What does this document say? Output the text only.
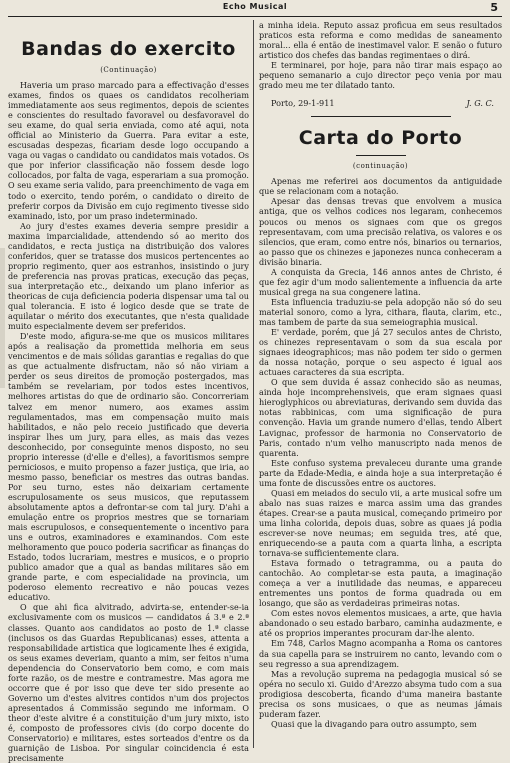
Echo Musical	5
Bandas do exercito
(Continuação)

Haveria um praso marcado para a effectivação d'esses exames, findos os quaes os candidatos recolheriam immediatamente aos seus regimentos, depois de scientes e conscientes do resultado favoravel ou desfavoravel do seu exame, do qual seria enviada, como até aqui, nota official ao Ministerio da Guerra. Para evitar a este, escusadas despezas, ficariam desde logo occupando a vaga ou vagas o candidato ou candidatos mais votados. Os que por inferior classificação não fossem desde logo collocados, por falta de vaga, esperariam a sua promoção. O seu exame seria valido, para preenchimento de vaga em todo o exercito, tendo porém, o candidato o direito de preferir corpos da Divisão em cujo regimento tivesse sido examinado, isto, por um praso indeterminado.

Ao jury d'estes exames deveria sempre presidir a maxima imparcialidade, attendendo só ao merito dos candidatos, e recta justiça na distribuição dos valores conferidos, quer se tratasse dos musicos pertencentes ao proprio regimento, quer aos estranhos, insistindo o jury de preferencia nas provas praticas, execução das peças, sua interpretação etc., deixando um plano inferior as theoricas de cuja deficiencia poderia dispensar uma tal ou qual tolerancia. E isto é logico desde que se trate de aquilatar o mérito dos executantes, que n'esta qualidade muito especialmente devem ser preferidos.

D'este modo, afigura-se-me que os musicos militares após a realisação da promettida melhoria em seus vencimentos e de mais sólidas garantias e regalias do que as que actualmente disfructam, não só não viriam a perder os seus direitos de promoção postergados, mas também se revelariam, por todos estes incentivos, melhores artistas do que de ordinario são. Concorreriam talvez em menor numero, aos exames assim regulamentados, mas em compensação muito mais habilitados, e não pelo receio justificado que deveria inspirar lhes um jury, para elles, as mais das vezes desconhecido, por conseguinte menos disposto, no seu proprio interesse (d'elle e d'elles), a favoritismos sempre perniciosos, e muito propenso a fazer justiça, que iria, ao mesmo passo, beneficiar os mestres das outras bandas. Por seu turno, estes não deixariam certamente escrupulosamente os seus musicos, que reputassem absolutamente aptos a defrontar-se com tal jury. D'ahi a emulação entre os proprios mestres que se tornariam mais escrupulosos, e consequentemente o incentivo para uns e outros, examinadores e examinandos. Com este melhoramento que pouco poderia sacrificar as finanças do Estado, todos lucrariam, mestres e musicos, e o proprio publico amador que a qual as bandas militares são em grande parte, e com especialidade na provincia, um poderoso elemento recreativo e não poucas vezes educativo.

O que ahi fica alvitrado, advirta-se, entender-se-ia exclusivamente com os musicos — candidatos á 3.ª e 2.ª classes. Quanto aos candidatos ao posto de 1.ª classe (inclusos os das Guardas Republicanas) esses, attenta a responsabilidade artistica que logicamente lhes é exigida, os seus exames deveriam, quanto a mim, ser feitos n'uma dependencia do Conservatorio bem como, e com mais forte razão, os de mestre e contramestre. Mas agora me occorre que é por isso que deve ter sido presente ao Governo um d'estes alvitres contidos n'um dos projectos apresentados á Commissão segundo me informam. O theor d'este alvitre é a constituição d'um jury mixto, isto é, composto de professores civis (do corpo docente do Conservatorio) e militares, estes sorteados d'entre os da guarnição de Lisboa. Por singular coincidencia é esta precisamente

a minha ideia. Reputo assaz proficua em seus resultados praticos esta reforma e como medidas de saneamento moral... ella é então de inestimavel valor. E senão o futuro artistico dos chefes das bandas regimentaes o dirá.

E terminarei, por hoje, para não tirar mais espaço ao pequeno semanario a cujo director peço venia por mau grado meu me ter dilatado tanto.

Porto, 29-1-911	J. G. C.
Carta do Porto
(continuação)

Apenas me referirei aos documentos da antiguidade que se relacionam com a notação.

Apesar das densas trevas que envolvem a musica antiga, que os velhos codices nos legaram, conhecemos poucos ou menos os signaes com que os gregos representavam, com uma precisão relativa, os valores e os silencios, que eram, como entre nós, binarios ou ternarios, ao passo que os chinezes e japonezes nunca conheceram a divisão binaria.

A conquista da Grecia, 146 annos antes de Christo, é que fez agir d'um modo salientemente a influencia da arte musical grega na sua congenere latina.

Esta influencia traduziu-se pela adopção não só do seu material sonoro, como a lyra, cithara, flauta, clarim, etc., mas tambem de parte da sua semeiographia musical.

E' verdade, porém, que já 27 seculos antes de Christo, os chinezes representavam o som da sua escala por signaes ideographicos; mas não podem ter sido o germen da nossa notação, porque o seu aspecto é igual aos actuaes caracteres da sua escripta.

O que sem duvida é assaz conhecido são as neumas, ainda hoje incomprehensiveis, que eram signaes quasi hieroglyphicos ou abreviaturas, derivando sem duvida das notas rabbinicas, com uma significação de pura convenção. Havia um grande numero d'ellas, tendo Albert Lavignac, professor de harmonia no Conservatorio de Paris, contado n'um velho manuscripto nada menos de quarenta.

Este confuso systema prevaleceu durante uma grande parte da Edade-Media, e ainda hoje a sua interpretação é uma fonte de discussões entre os auctores.

Quasi em meiados do seculo vii, a arte musical sofre um abalo nas suas raizes e marca assim uma das grandes étapes. Crear-se a pauta musical, começando primeiro por uma linha colorida, depois duas, sobre as quaes já podia escrever-se nove neumas; em seguida tres, até que, enriquecendo-se a pauta com a quarta linha, a escripta tornava-se sufficientemente clara.

Estava formado o tetragramma, ou a pauta do cantochão. Ao completar-se esta pauta, a imaginação começa a ver a inutilidade das neumas, e appareceu entrementes uns pontos de forma quadrada ou em losango, que são as verdadeiras primeiras notas.

Com estes novos elementos musicaes, a arte, que havia abandonado o seu estado barbaro, caminha audazmente, e até os proprios imperantes procuram dar-lhe alento.

Em 748, Carlos Magno acompanha a Roma os cantores da sua capella para se instruirem no canto, levando com o seu regresso a sua aprendizagem.

Mas a revolução suprema na pedagogia musical só se opéra no seculo xi. Guido d'Arezzo absyma tudo com a sua prodigiosa descoberta, ficando d'uma maneira bastante precisa os sons musicaes, o que as neumas jámais puderam fazer.

Quasi que la divagando para outro assumpto, sem
